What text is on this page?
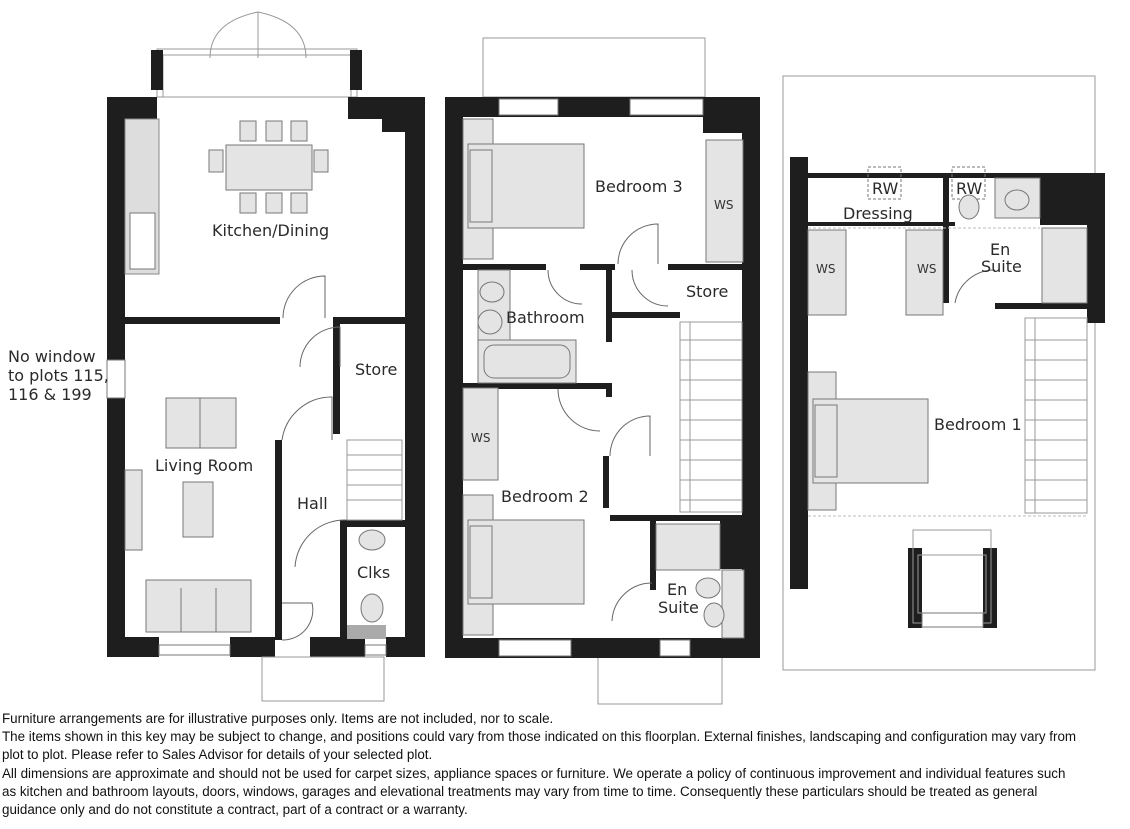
Kitchen/Dining
Living Room
Store
Hall
Clks
No window
to plots 115,
116 & 199
Bedroom 3
Bathroom
Store
Bedroom 2
En
Suite
WS
WS
RW	RW
Dressing
En
Suite
Bedroom 1
WS	WS
Furniture arrangements are for illustrative purposes only. Items are not included, nor to scale.
The items shown in this key may be subject to change, and positions could vary from those indicated on this floorplan. External finishes, landscaping and configuration may vary from
plot to plot. Please refer to Sales Advisor for details of your selected plot.
All dimensions are approximate and should not be used for carpet sizes, appliance spaces or furniture. We operate a policy of continuous improvement and individual features such
as kitchen and bathroom layouts, doors, windows, garages and elevational treatments may vary from time to time. Consequently these particulars should be treated as general
guidance only and do not constitute a contract, part of a contract or a warranty.
